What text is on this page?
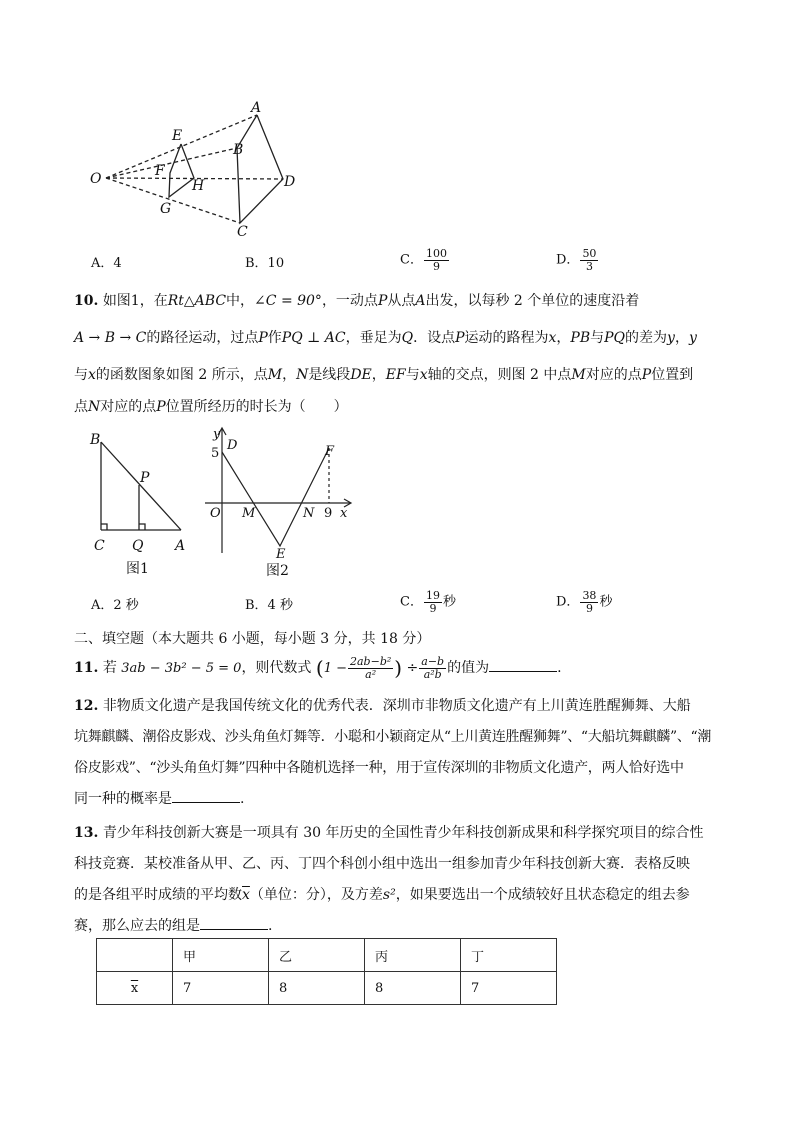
O
E
F
G
H
A
B
C
D
A．4	B．10	C． $\frac{100}{9}$	D． $\frac{50}{3}$
10. 如图1，在Rt△ABC中，∠C = 90°，一动点P从点A出发，以每秒 2 个单位的速度沿着
A → B → C的路径运动，过点P作PQ ⊥ AC，垂足为Q．设点P运动的路程为x，PB与PQ的差为y，y
与x的函数图象如图 2 所示，点M，N是线段DE，EF与x轴的交点，则图 2 中点M对应的点P位置到
点N对应的点P位置所经历的时长为（　　）
B
P
C Q A
图1
y
D	F
O M	N x
E
5
9
图2
A．2 秒	B．4 秒	C． $\frac{19}{9}$ 秒	D． $\frac{38}{9}$ 秒
二、填空题（本大题共 6 小题，每小题 3 分，共 18 分）
11. 若 3ab − 3b² − 5 = 0，则代数式 ($1 - \frac{\text{2ab−b²}}{\text{a²}}$ ) ÷ $\frac{a-b}{\text{a²b}}$ 的值为	.
12. 非物质文化遗产是我国传统文化的优秀代表．深圳市非物质文化遗产有上川黄连胜醒狮舞、大船
坑舞麒麟、潮俗皮影戏、沙头角鱼灯舞等．小聪和小颖商定从“上川黄连胜醒狮舞”、“大船坑舞麒麟”、“潮
俗皮影戏”、“沙头角鱼灯舞”四种中各随机选择一种，用于宣传深圳的非物质文化遗产，两人恰好选中
同一种的概率是	.
13. 青少年科技创新大赛是一项具有 30 年历史的全国性青少年科技创新成果和科学探究项目的综合性
科技竞赛．某校准备从甲、乙、丙、丁四个科创小组中选出一组参加青少年科技创新大赛．表格反映
的是各组平时成绩的平均数$\overline{x}$（单位：分），及方差s²，如果要选出一个成绩较好且状态稳定的组去参
赛，那么应去的组是	.
	甲	乙	丙	丁
$\overline{x}$	7	8	8	7
